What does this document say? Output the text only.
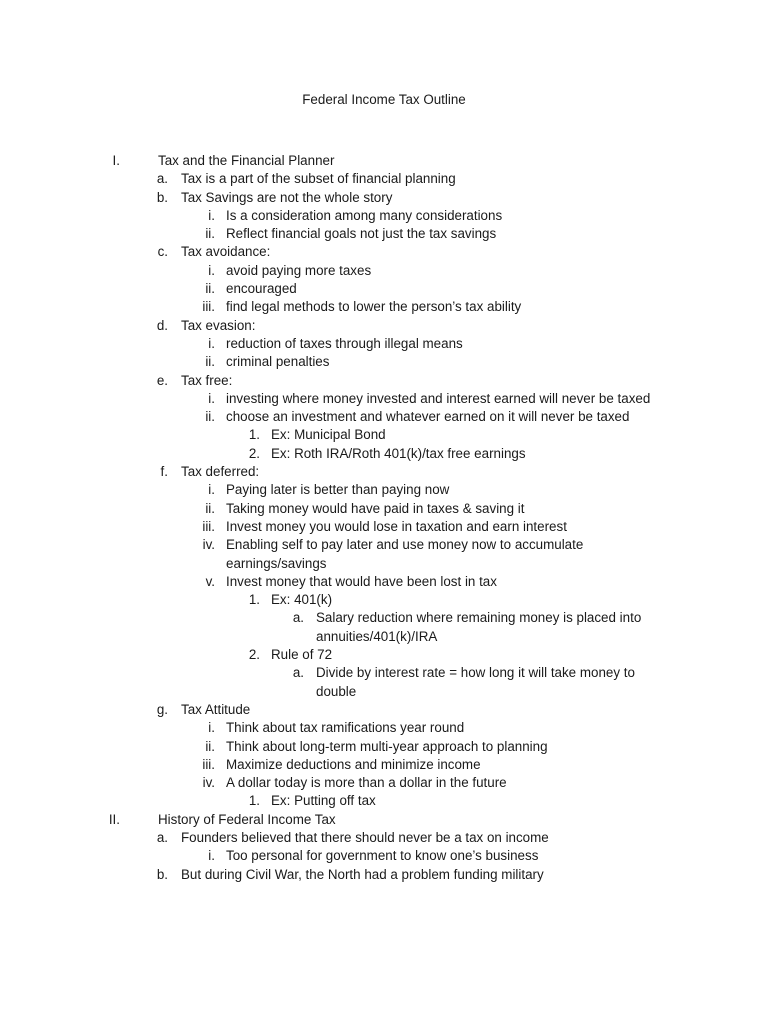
Federal Income Tax Outline
I.	Tax and the Financial Planner
a. Tax is a part of the subset of financial planning
b. Tax Savings are not the whole story
i. Is a consideration among many considerations
ii. Reflect financial goals not just the tax savings
c. Tax avoidance:
i. avoid paying more taxes
ii. encouraged
iii. find legal methods to lower the person’s tax ability
d. Tax evasion:
i. reduction of taxes through illegal means
ii. criminal penalties
e. Tax free:
i. investing where money invested and interest earned will never be taxed
ii. choose an investment and whatever earned on it will never be taxed
1. Ex: Municipal Bond
2. Ex: Roth IRA/Roth 401(k)/tax free earnings
f. Tax deferred:
i. Paying later is better than paying now
ii. Taking money would have paid in taxes & saving it
iii. Invest money you would lose in taxation and earn interest
iv. Enabling self to pay later and use money now to accumulate
earnings/savings
v. Invest money that would have been lost in tax
1. Ex: 401(k)
a. Salary reduction where remaining money is placed into
annuities/401(k)/IRA
2. Rule of 72
a. Divide by interest rate = how long it will take money to
double
g. Tax Attitude
i. Think about tax ramifications year round
ii. Think about long-term multi-year approach to planning
iii. Maximize deductions and minimize income
iv. A dollar today is more than a dollar in the future
1. Ex: Putting off tax
II.	History of Federal Income Tax
a. Founders believed that there should never be a tax on income
i. Too personal for government to know one’s business
b. But during Civil War, the North had a problem funding military
